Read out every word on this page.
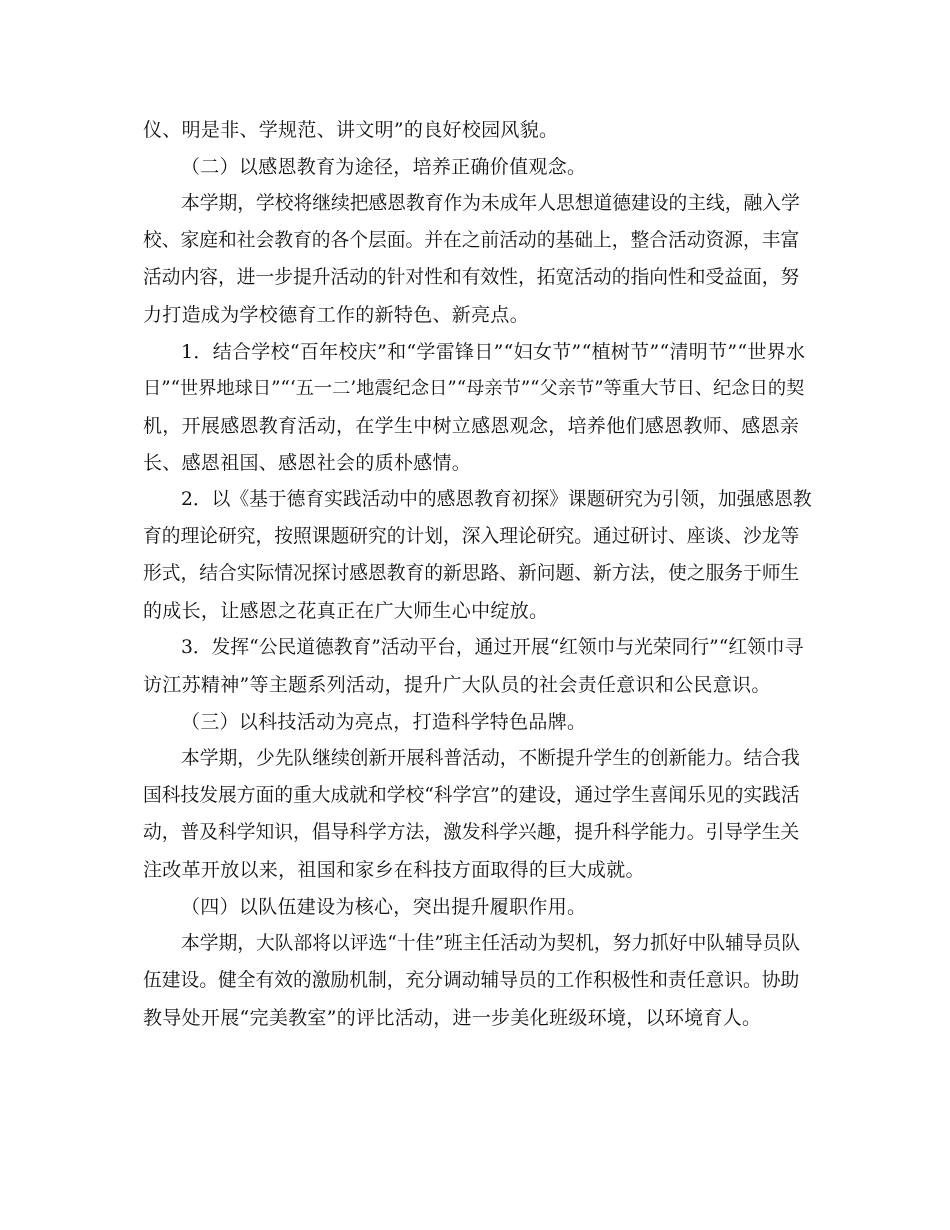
仪、明是非、学规范、讲文明”的良好校园风貌。
（二）以感恩教育为途径，培养正确价值观念。
本学期，学校将继续把感恩教育作为未成年人思想道德建设的主线，融入学
校、家庭和社会教育的各个层面。并在之前活动的基础上，整合活动资源，丰富
活动内容，进一步提升活动的针对性和有效性，拓宽活动的指向性和受益面，努
力打造成为学校德育工作的新特色、新亮点。
1．结合学校“百年校庆”和“学雷锋日”“妇女节”“植树节”“清明节”“世界水
日”“世界地球日”“‘五一二’地震纪念日”“母亲节”“父亲节”等重大节日、纪念日的契
机，开展感恩教育活动，在学生中树立感恩观念，培养他们感恩教师、感恩亲
长、感恩祖国、感恩社会的质朴感情。
2．以《基于德育实践活动中的感恩教育初探》课题研究为引领，加强感恩教
育的理论研究，按照课题研究的计划，深入理论研究。通过研讨、座谈、沙龙等
形式，结合实际情况探讨感恩教育的新思路、新问题、新方法，使之服务于师生
的成长，让感恩之花真正在广大师生心中绽放。
3．发挥“公民道德教育”活动平台，通过开展“红领巾与光荣同行”“红领巾寻
访江苏精神”等主题系列活动，提升广大队员的社会责任意识和公民意识。
（三）以科技活动为亮点，打造科学特色品牌。
本学期，少先队继续创新开展科普活动，不断提升学生的创新能力。结合我
国科技发展方面的重大成就和学校“科学宫”的建设，通过学生喜闻乐见的实践活
动，普及科学知识，倡导科学方法，激发科学兴趣，提升科学能力。引导学生关
注改革开放以来，祖国和家乡在科技方面取得的巨大成就。
（四）以队伍建设为核心，突出提升履职作用。
本学期，大队部将以评选“十佳”班主任活动为契机，努力抓好中队辅导员队
伍建设。健全有效的激励机制，充分调动辅导员的工作积极性和责任意识。协助
教导处开展“完美教室”的评比活动，进一步美化班级环境，以环境育人。
